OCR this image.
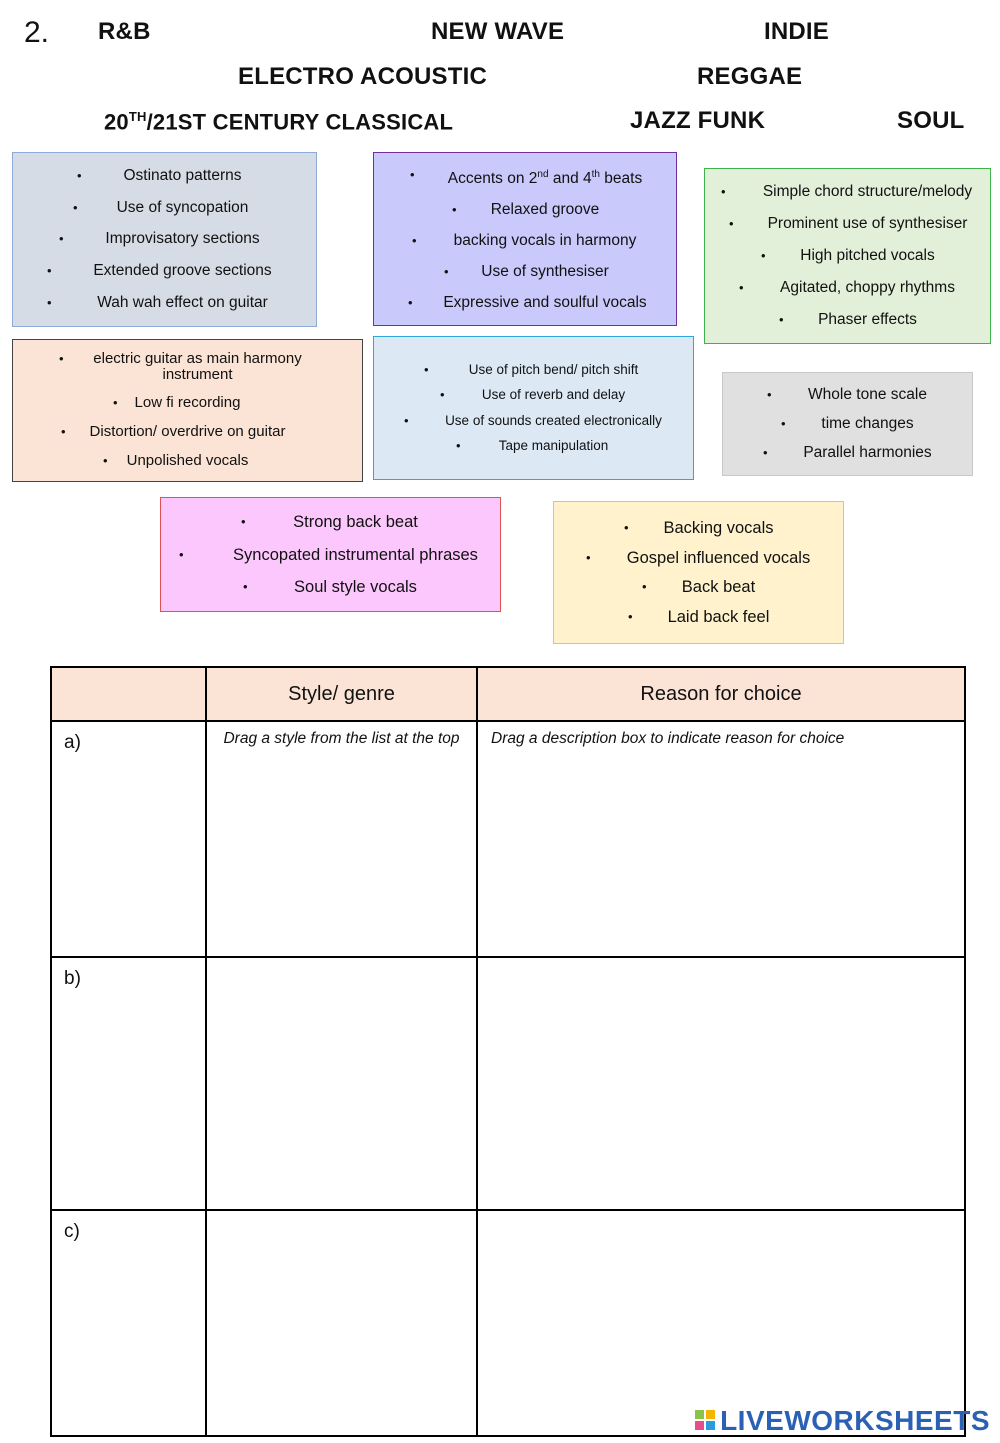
2. R&B	NEW WAVE	INDIE
ELECTRO ACOUSTIC	REGGAE
20TH/21ST CENTURY CLASSICAL	JAZZ FUNK	SOUL
•	Ostinato patterns
•	Use of syncopation
•	Improvisatory sections
•	Extended groove sections
•	Wah wah effect on guitar
• Accents on 2nd and 4th beats
• Relaxed groove
• backing vocals in harmony
• Use of synthesiser
• Expressive and soulful vocals
• Simple chord structure/melody
• Prominent use of synthesiser
• High pitched vocals
• Agitated, choppy rhythms
• Phaser effects
• electric guitar as main harmony instrument
• Low fi recording
• Distortion/ overdrive on guitar
• Unpolished vocals
•	Use of pitch bend/ pitch shift
•	Use of reverb and delay
•	Use of sounds created electronically
•	Tape manipulation
• Whole tone scale
• time changes
• Parallel harmonies
•	Strong back beat
•	Syncopated instrumental phrases
•	Soul style vocals
• Backing vocals
• Gospel influenced vocals
• Back beat
• Laid back feel
	Style/ genre	Reason for choice
a)	Drag a style from the list at the top	Drag a description box to indicate reason for choice
b)		
c)		
LIVEWORKSHEETS
